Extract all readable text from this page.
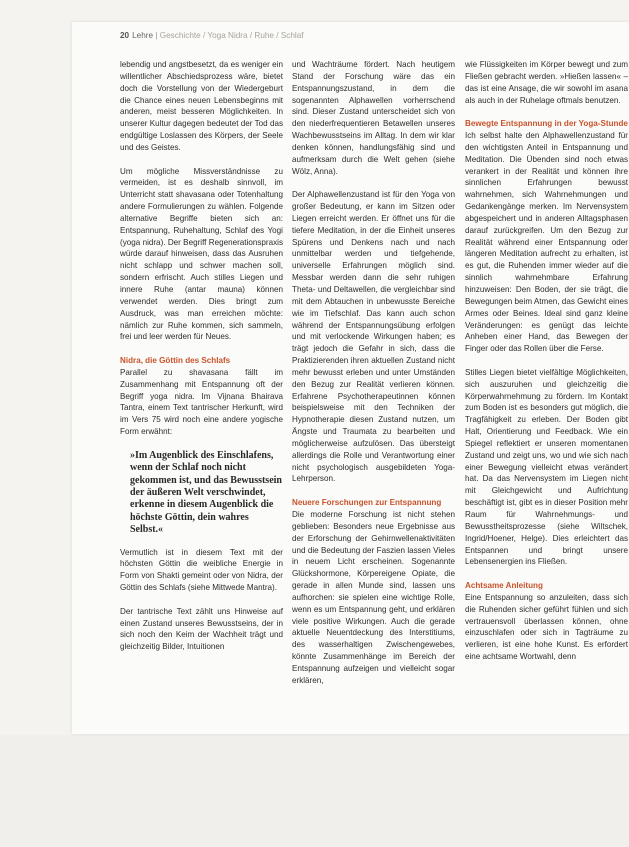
20 Lehre | Geschichte / Yoga Nidra / Ruhe / Schlaf

lebendig und angstbesetzt, da es weniger ein willentlicher Abschiedsprozess wäre, bietet doch die Vorstellung von der Wiedergeburt die Chance eines neuen Lebensbeginns mit anderen, meist besseren Möglichkeiten. In unserer Kultur dagegen bedeutet der Tod das endgültige Loslassen des Körpers, der Seele und des Geistes.

Um mögliche Missverständnisse zu vermeiden, ist es deshalb sinnvoll, im Unterricht statt shavasana oder Totenhaltung andere Formulierungen zu wählen. Folgende alternative Begriffe bieten sich an: Entspannung, Ruhehaltung, Schlaf des Yogi (yoga nidra). Der Begriff Regenerationspraxis würde darauf hinweisen, dass das Ausruhen nicht schlapp und schwer machen soll, sondern erfrischt. Auch stilles Liegen und innere Ruhe (antar mauna) können verwendet werden. Dies bringt zum Ausdruck, was man erreichen möchte: nämlich zur Ruhe kommen, sich sammeln, frei und leer werden für Neues.

Nidra, die Göttin des Schlafs

Parallel zu shavasana fällt im Zusammenhang mit Entspannung oft der Begriff yoga nidra. Im Vijnana Bhairava Tantra, einem Text tantrischer Herkunft, wird im Vers 75 wird noch eine andere yogische Form erwähnt:

»Im Augenblick des Einschlafens, wenn der Schlaf noch nicht gekommen ist, und das Bewusstsein der äußeren Welt verschwindet, erkenne in diesem Augenblick die höchste Göttin, dein wahres Selbst.«

Vermutlich ist in diesem Text mit der höchsten Göttin die weibliche Energie in Form von Shakti gemeint oder von Nidra, der Göttin des Schlafs (siehe Mittwede Mantra).

Der tantrische Text zählt uns Hinweise auf einen Zustand unseres Bewusstseins, der in sich noch den Keim der Wachheit trägt und gleichzeitig Bilder, Intuitionen

und Wachträume fördert. Nach heutigem Stand der Forschung wäre das ein Entspannungszustand, in dem die sogenannten Alphawellen vorherrschend sind. Dieser Zustand unterscheidet sich von den niederfrequentieren Betawellen unseres Wachbewusstseins im Alltag. In dem wir klar denken können, handlungsfähig sind und aufmerksam durch die Welt gehen (siehe Wölz, Anna).

Der Alphawellenzustand ist für den Yoga von großer Bedeutung, er kann im Sitzen oder Liegen erreicht werden. Er öffnet uns für die tiefere Meditation, in der die Einheit unseres Spürens und Denkens nach und nach unmittelbar werden und tiefgehende, universelle Erfahrungen möglich sind. Messbar werden dann die sehr ruhigen Theta- und Deltawellen, die vergleichbar sind mit dem Abtauchen in unbewusste Bereiche wie im Tiefschlaf. Das kann auch schon während der Entspannungsübung erfolgen und mit verlockende Wirkungen haben; es trägt jedoch die Gefahr in sich, dass die Praktizierenden ihren aktuellen Zustand nicht mehr bewusst erleben und unter Umständen den Bezug zur Realität verlieren können. Erfahrene Psychotherapeutinnen können beispielsweise mit den Techniken der Hypnotherapie diesen Zustand nutzen, um Ängste und Traumata zu bearbeiten und möglicherweise aufzulösen. Das übersteigt allerdings die Rolle und Verantwortung einer nicht psychologisch ausgebildeten Yoga-Lehrperson.

Neuere Forschungen zur Entspannung

Die moderne Forschung ist nicht stehen geblieben: Besonders neue Ergebnisse aus der Erforschung der Gehirnwellenaktivitäten und die Bedeutung der Faszien lassen Vieles in neuem Licht erscheinen. Sogenannte Glückshormone, Körpereigene Opiate, die gerade in allen Munde sind, lassen uns aufhorchen: sie spielen eine wichtige Rolle, wenn es um Entspannung geht, und erklären viele positive Wirkungen. Auch die gerade aktuelle Neuentdeckung des Interstitiums, des wasserhaltigen Zwischengewebes, könnte Zusammenhänge im Bereich der Entspannung aufzeigen und vielleicht sogar erklären,

wie Flüssigkeiten im Körper bewegt und zum Fließen gebracht werden. »Hießen lassen« – das ist eine Ansage, die wir sowohl im asana als auch in der Ruhelage oftmals benutzen.

Bewegte Entspannung in der Yoga-Stunde

Ich selbst halte den Alphawellenzustand für den wichtigsten Anteil in Entspannung und Meditation. Die Übenden sind noch etwas verankert in der Realität und können ihre sinnlichen Erfahrungen bewusst wahrnehmen, sich Wahrnehmungen und Gedankengänge merken. Im Nervensystem abgespeichert und in anderen Alltagsphasen darauf zurückgreifen. Um den Bezug zur Realität während einer Entspannung oder längeren Meditation aufrecht zu erhalten, ist es gut, die Ruhenden immer wieder auf die sinnlich wahrnehmbare Erfahrung hinzuweisen: Den Boden, der sie trägt, die Bewegungen beim Atmen, das Gewicht eines Armes oder Beines. Ideal sind ganz kleine Veränderungen: es genügt das leichte Anheben einer Hand, das Bewegen der Finger oder das Rollen über die Ferse.

Stilles Liegen bietet vielfältige Möglichkeiten, sich auszuruhen und gleichzeitig die Körperwahrnehmung zu fördern. Im Kontakt zum Boden ist es besonders gut möglich, die Tragfähigkeit zu erleben. Der Boden gibt Halt, Orientierung und Feedback. Wie ein Spiegel reflektiert er unseren momentanen Zustand und zeigt uns, wo und wie sich nach einer Bewegung vielleicht etwas verändert hat. Da das Nervensystem im Liegen nicht mit Gleichgewicht und Aufrichtung beschäftigt ist, gibt es in dieser Position mehr Raum für Wahrnehmungs- und Bewusstheitsprozesse (siehe Wiltschek, Ingrid/Hoener, Helge). Dies erleichtert das Entspannen und bringt unsere Lebensenergien ins Fließen.

Achtsame Anleitung

Eine Entspannung so anzuleiten, dass sich die Ruhenden sicher geführt fühlen und sich vertrauensvoll überlassen können, ohne einzuschlafen oder sich in Tagträume zu verlieren, ist eine hohe Kunst. Es erfordert eine achtsame Wortwahl, denn
